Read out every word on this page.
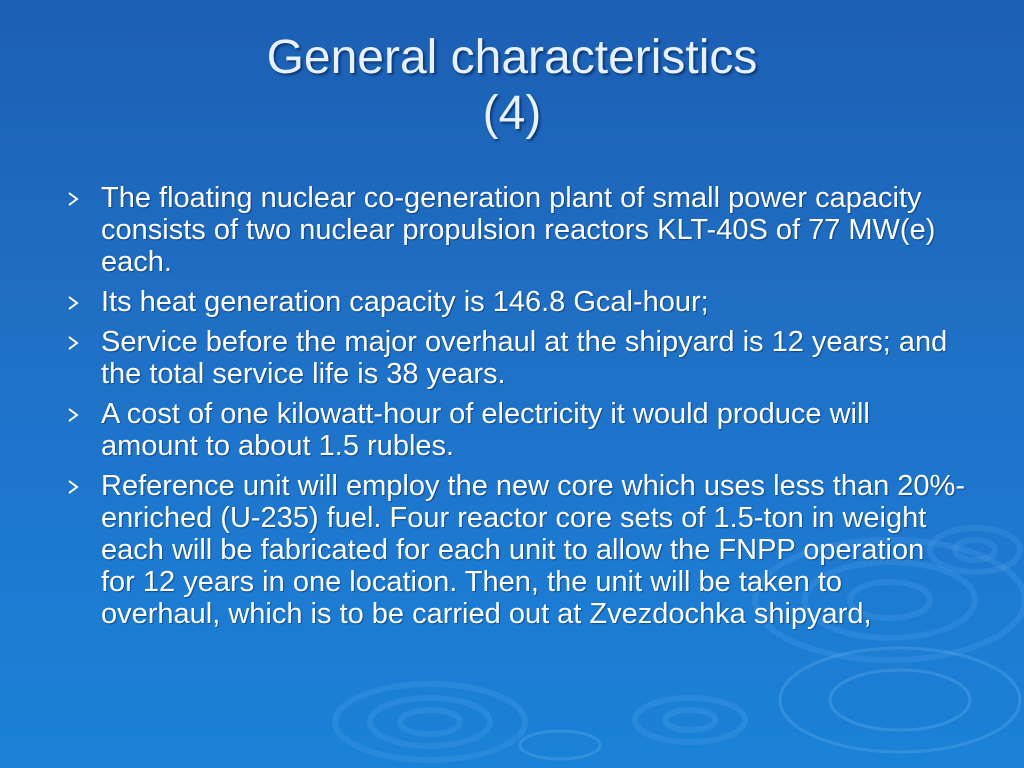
General characteristics
(4)
The floating nuclear co-generation plant of small power capacity consists of two nuclear propulsion reactors KLT-40S of 77 MW(e) each.
Its heat generation capacity is 146.8 Gcal-hour;
Service before the major overhaul at the shipyard is 12 years; and the total service life is 38 years.
A cost of one kilowatt-hour of electricity it would produce will amount to about 1.5 rubles.
Reference unit will employ the new core which uses less than 20%-enriched (U-235) fuel. Four reactor core sets of 1.5-ton in weight each will be fabricated for each unit to allow the FNPP operation for 12 years in one location. Then, the unit will be taken to overhaul, which is to be carried out at Zvezdochka shipyard,
